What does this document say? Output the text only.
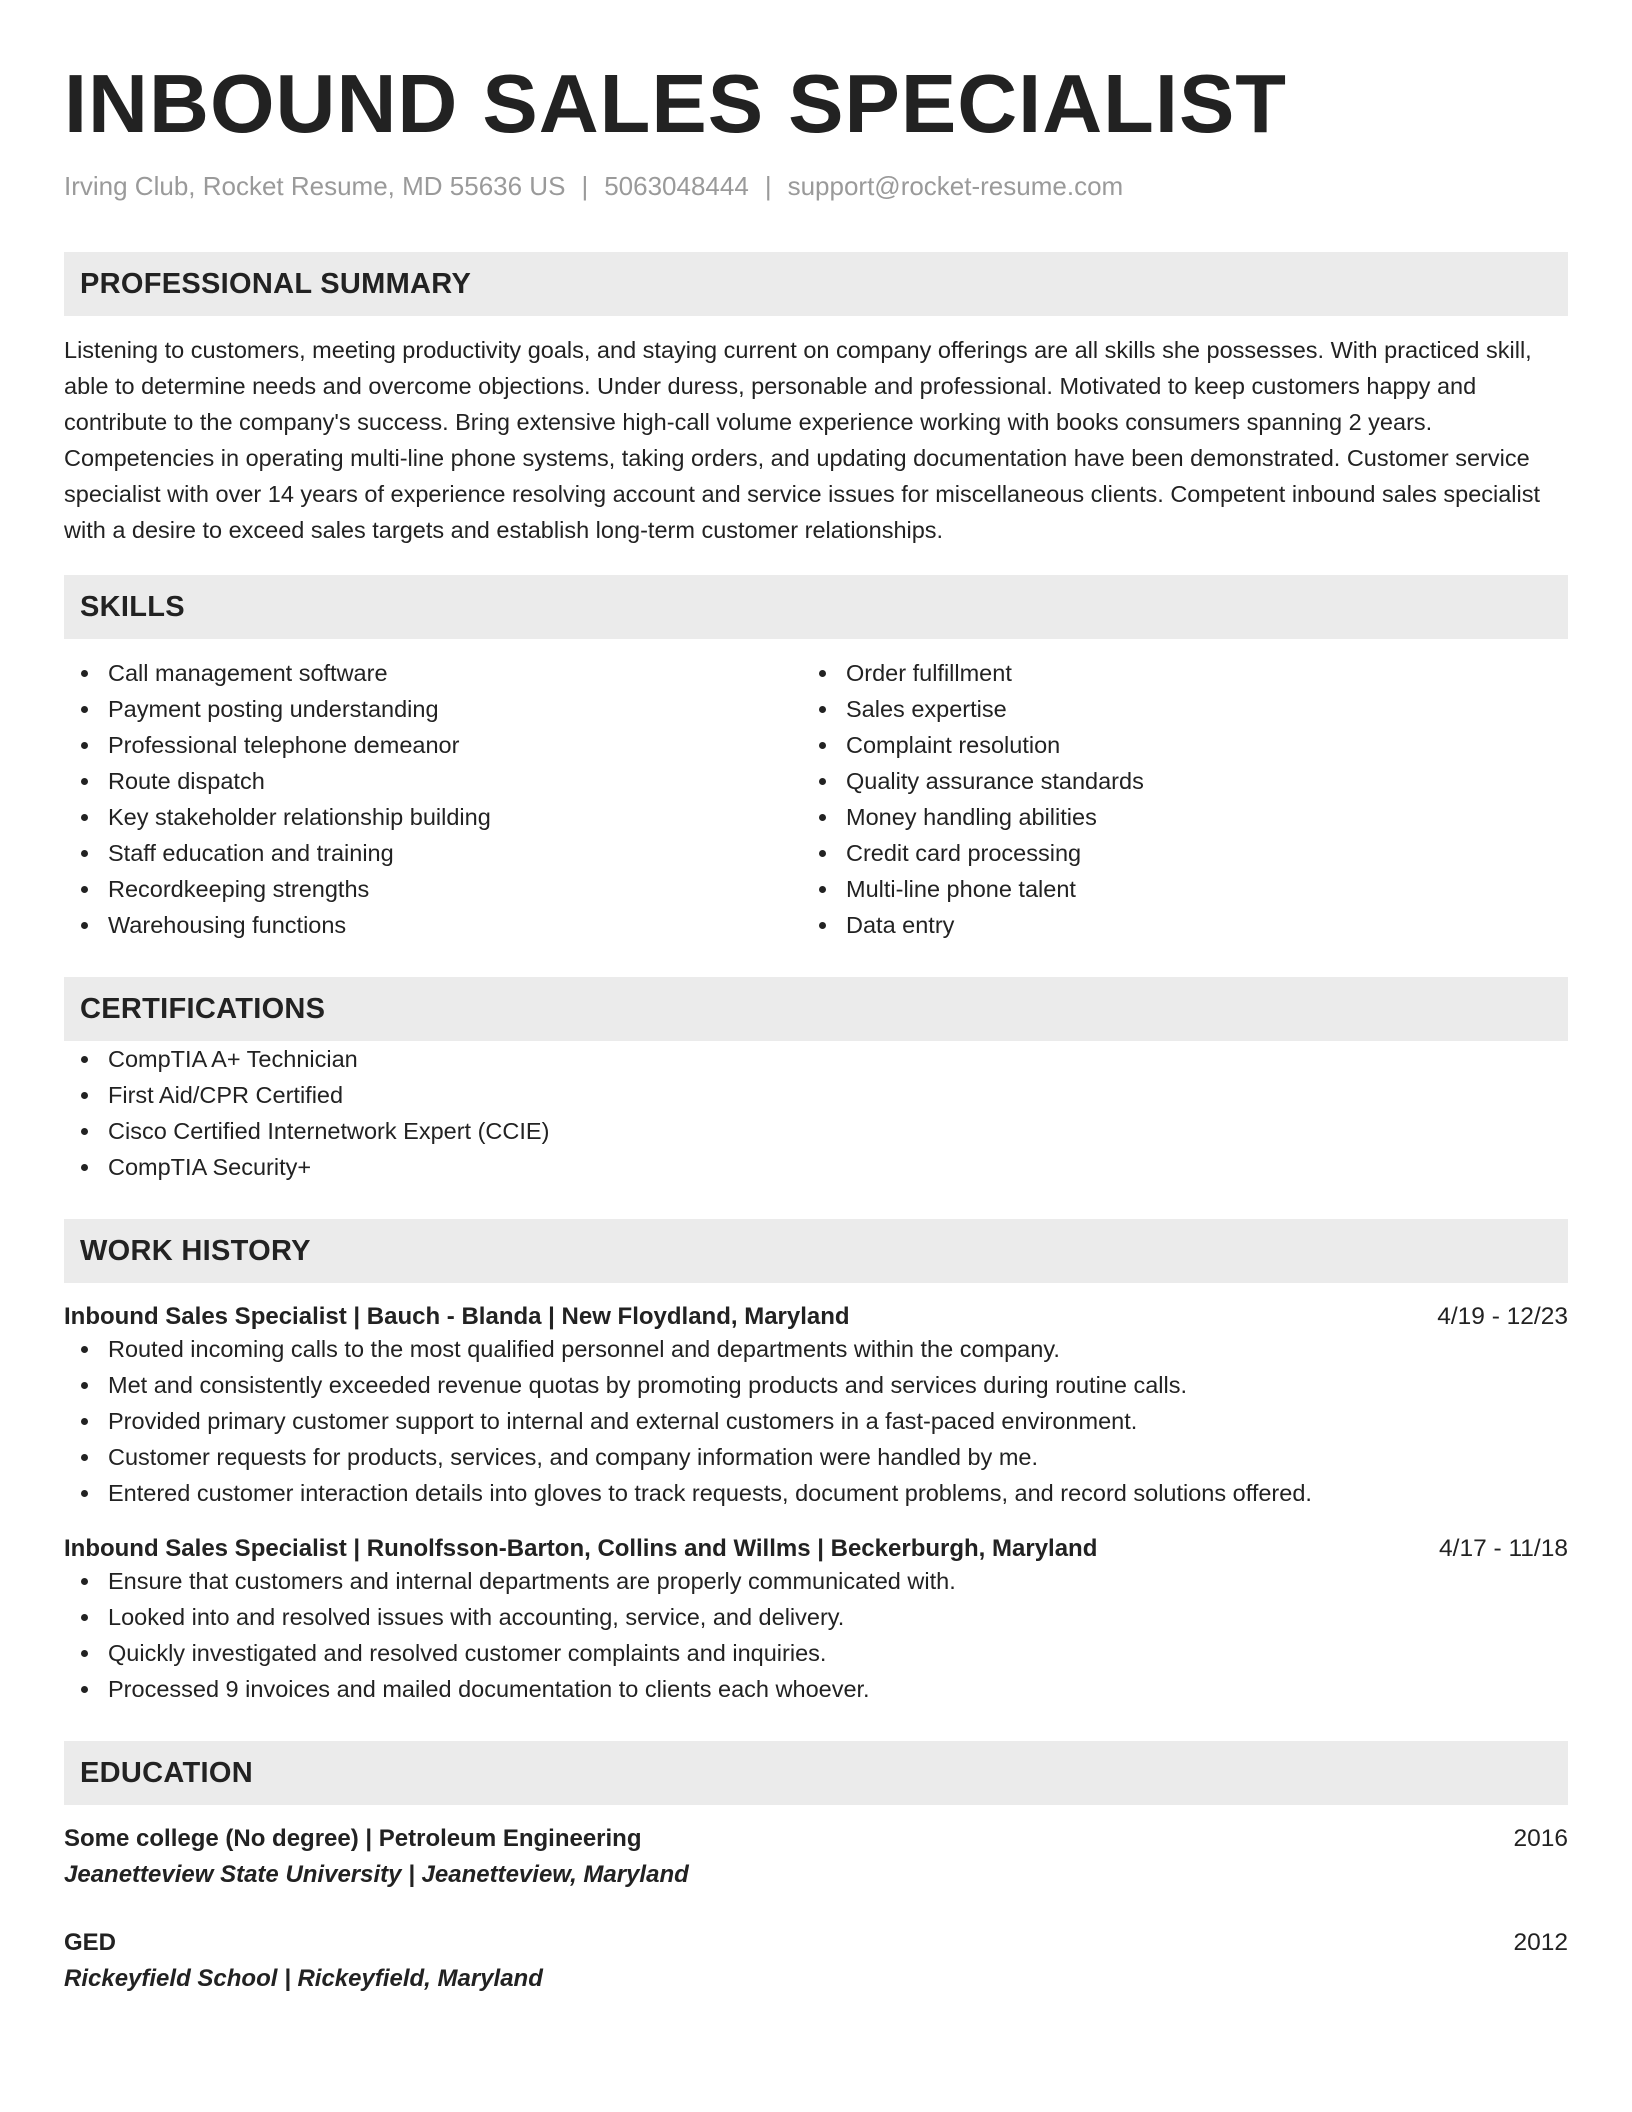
INBOUND SALES SPECIALIST
Irving Club, Rocket Resume, MD 55636 US | 5063048444 | support@rocket-resume.com
PROFESSIONAL SUMMARY
Listening to customers, meeting productivity goals, and staying current on company offerings are all skills she possesses. With practiced skill, able to determine needs and overcome objections. Under duress, personable and professional. Motivated to keep customers happy and contribute to the company's success. Bring extensive high-call volume experience working with books consumers spanning 2 years. Competencies in operating multi-line phone systems, taking orders, and updating documentation have been demonstrated. Customer service specialist with over 14 years of experience resolving account and service issues for miscellaneous clients. Competent inbound sales specialist with a desire to exceed sales targets and establish long-term customer relationships.
SKILLS
Call management software
Payment posting understanding
Professional telephone demeanor
Route dispatch
Key stakeholder relationship building
Staff education and training
Recordkeeping strengths
Warehousing functions
Order fulfillment
Sales expertise
Complaint resolution
Quality assurance standards
Money handling abilities
Credit card processing
Multi-line phone talent
Data entry
CERTIFICATIONS
CompTIA A+ Technician
First Aid/CPR Certified
Cisco Certified Internetwork Expert (CCIE)
CompTIA Security+
WORK HISTORY
Inbound Sales Specialist | Bauch - Blanda | New Floydland, Maryland	4/19 - 12/23
Routed incoming calls to the most qualified personnel and departments within the company.
Met and consistently exceeded revenue quotas by promoting products and services during routine calls.
Provided primary customer support to internal and external customers in a fast-paced environment.
Customer requests for products, services, and company information were handled by me.
Entered customer interaction details into gloves to track requests, document problems, and record solutions offered.
Inbound Sales Specialist | Runolfsson-Barton, Collins and Willms | Beckerburgh, Maryland	4/17 - 11/18
Ensure that customers and internal departments are properly communicated with.
Looked into and resolved issues with accounting, service, and delivery.
Quickly investigated and resolved customer complaints and inquiries.
Processed 9 invoices and mailed documentation to clients each whoever.
EDUCATION
Some college (No degree) | Petroleum Engineering	2016
Jeanetteview State University | Jeanetteview, Maryland
GED	2012
Rickeyfield School | Rickeyfield, Maryland
